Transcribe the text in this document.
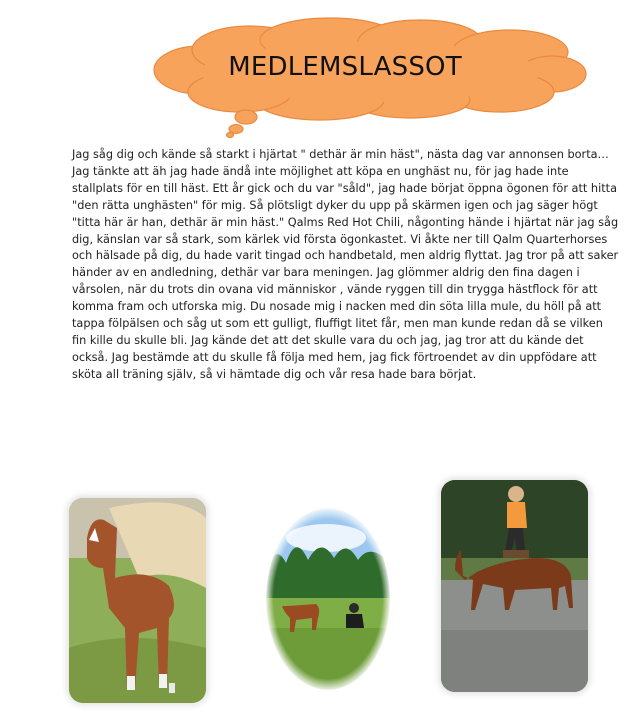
MEDLEMSLASSOT
Jag såg dig och kände så starkt i hjärtat " dethär är min häst", nästa dag var annonsen borta… Jag tänkte att äh jag hade ändå inte möjlighet att köpa en unghäst nu, för jag hade inte stallplats för en till häst. Ett år gick och du var "såld", jag hade börjat öppna ögonen för att hitta "den rätta unghästen" för mig. Så plötsligt dyker du upp på skärmen igen och jag säger högt "titta här är han, dethär är min häst." Qalms Red Hot Chili, någonting hände i hjärtat när jag såg dig, känslan var så stark, som kärlek vid första ögonkastet. Vi åkte ner till Qalm Quarterhorses och hälsade på dig, du hade varit tingad och handbetald, men aldrig flyttat. Jag tror på att saker händer av en andledning, dethär var bara meningen. Jag glömmer aldrig den fina dagen i vårsolen, när du trots din ovana vid människor , vände ryggen till din trygga hästflock för att komma fram och utforska mig. Du nosade mig i nacken med din söta lilla mule, du höll på att tappa fölpälsen och såg ut som ett gulligt, fluffigt litet får, men man kunde redan då se vilken fin kille du skulle bli. Jag kände det att det skulle vara du och jag, jag tror att du kände det också. Jag bestämde att du skulle få följa med hem, jag fick förtroendet av din uppfödare att sköta all träning själv, så vi hämtade dig och vår resa hade bara börjat.
